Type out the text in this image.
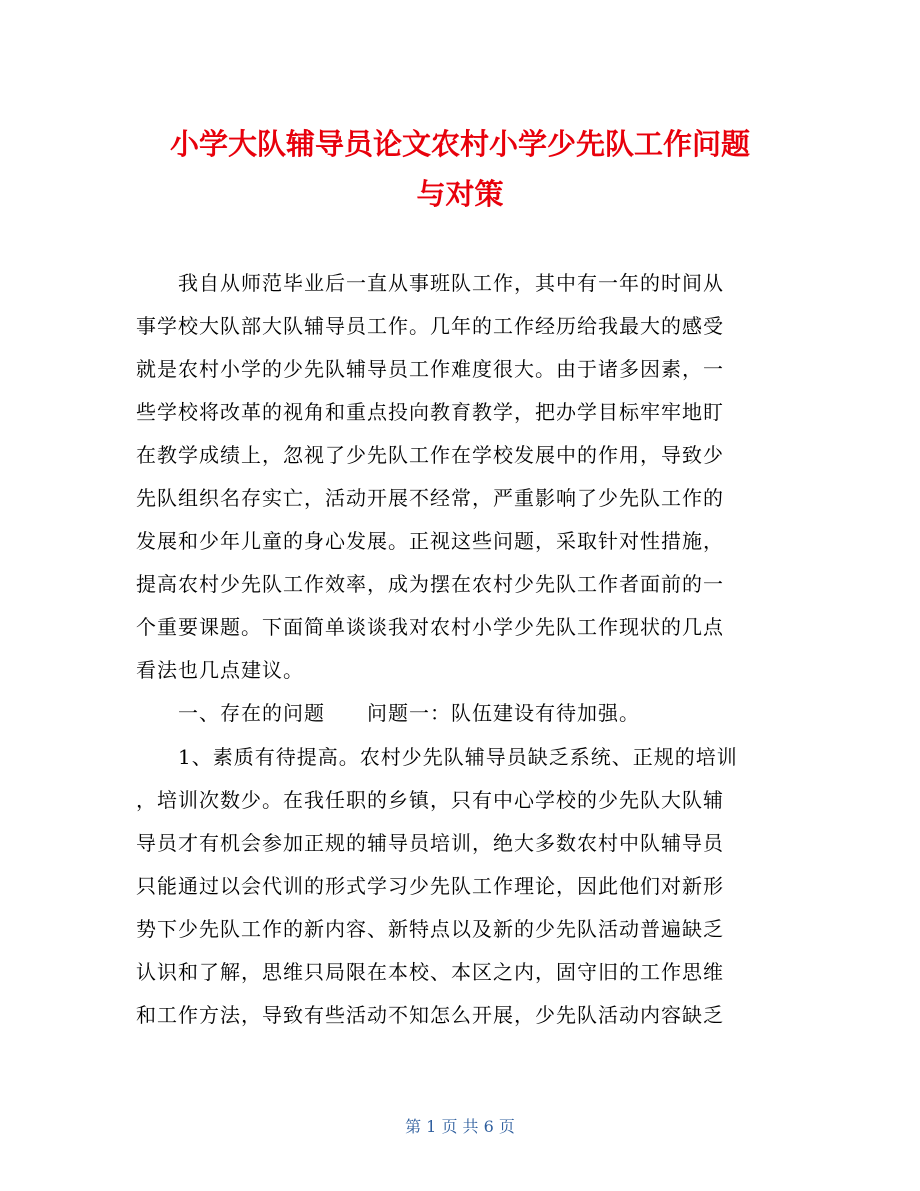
小学大队辅导员论文农村小学少先队工作问题
与对策
　　我自从师范毕业后一直从事班队工作，其中有一年的时间从
事学校大队部大队辅导员工作。几年的工作经历给我最大的感受
就是农村小学的少先队辅导员工作难度很大。由于诸多因素，一
些学校将改革的视角和重点投向教育教学，把办学目标牢牢地盯
在教学成绩上，忽视了少先队工作在学校发展中的作用，导致少
先队组织名存实亡，活动开展不经常，严重影响了少先队工作的
发展和少年儿童的身心发展。正视这些问题，采取针对性措施，
提高农村少先队工作效率，成为摆在农村少先队工作者面前的一
个重要课题。下面简单谈谈我对农村小学少先队工作现状的几点
看法也几点建议。
　　一、存在的问题　　问题一：队伍建设有待加强。
　　1、素质有待提高。农村少先队辅导员缺乏系统、正规的培训
，培训次数少。在我任职的乡镇，只有中心学校的少先队大队辅
导员才有机会参加正规的辅导员培训，绝大多数农村中队辅导员
只能通过以会代训的形式学习少先队工作理论，因此他们对新形
势下少先队工作的新内容、新特点以及新的少先队活动普遍缺乏
认识和了解，思维只局限在本校、本区之内，固守旧的工作思维
和工作方法，导致有些活动不知怎么开展，少先队活动内容缺乏
第 1 页 共 6 页
